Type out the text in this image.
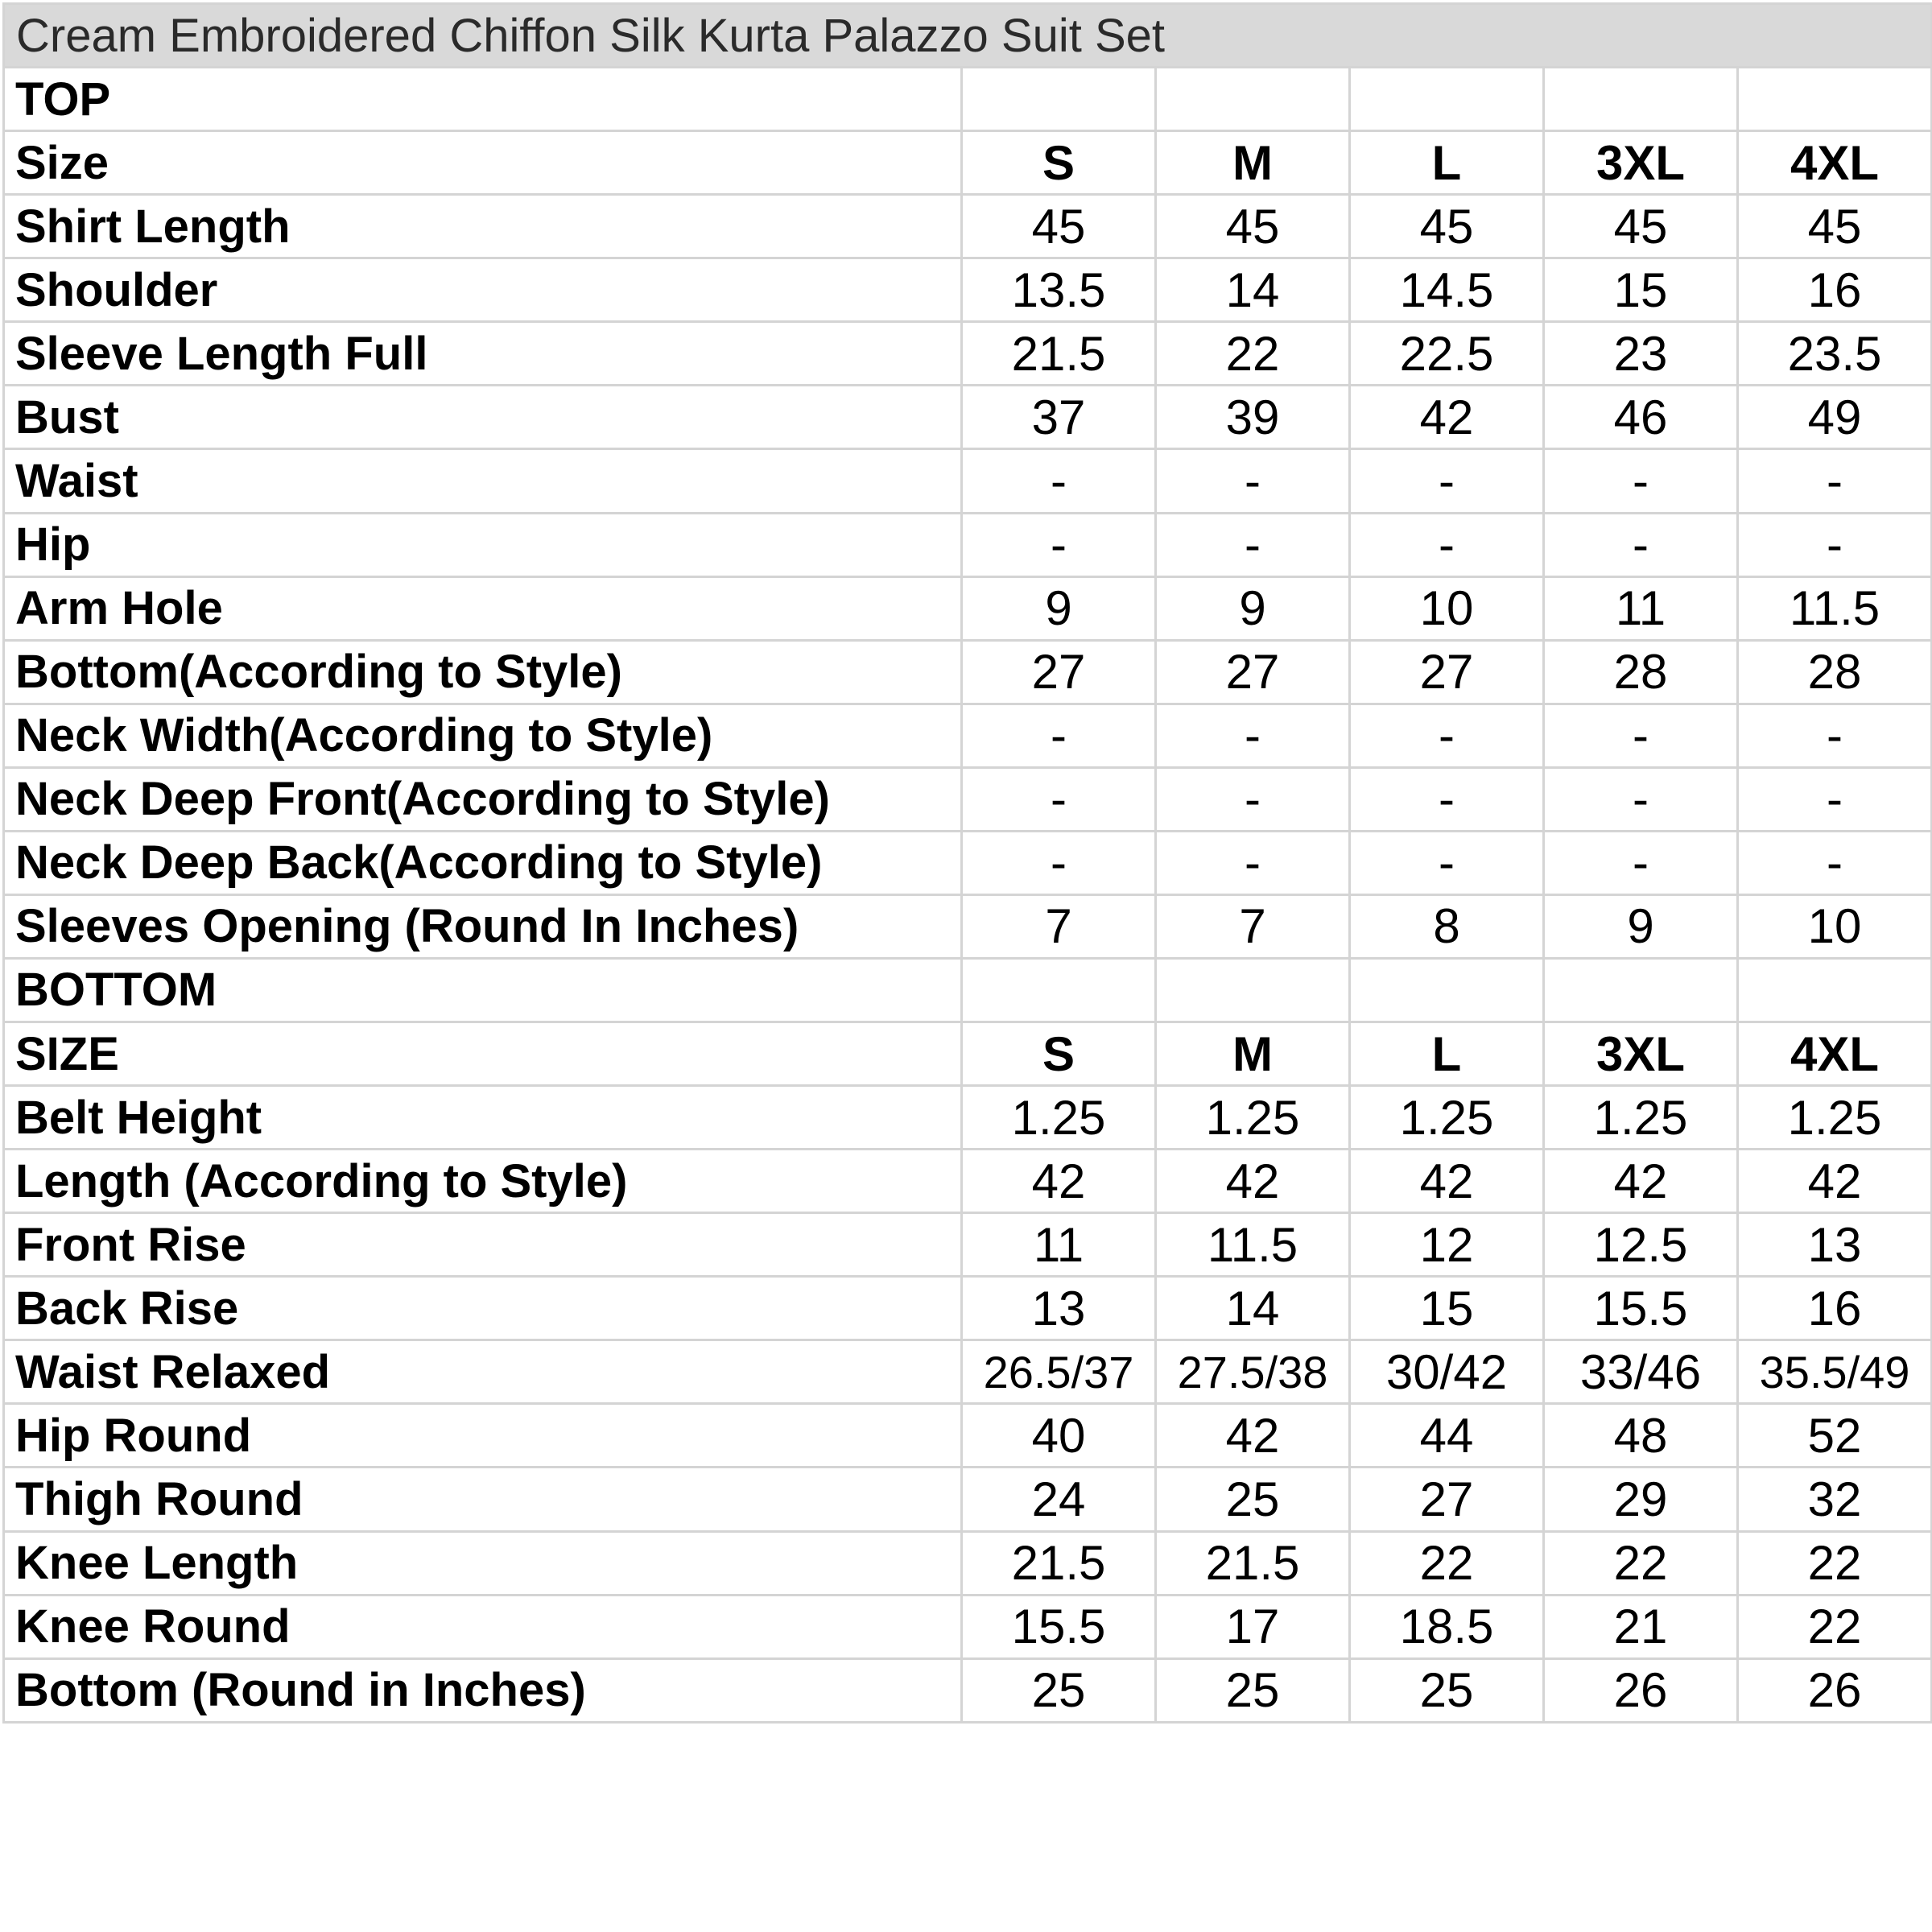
Cream Embroidered Chiffon Silk Kurta Palazzo Suit Set					
TOP					
Size	S	M	L	3XL	4XL
Shirt Length	45	45	45	45	45
Shoulder	13.5	14	14.5	15	16
Sleeve Length Full	21.5	22	22.5	23	23.5
Bust	37	39	42	46	49
Waist	-	-	-	-	-
Hip	-	-	-	-	-
Arm Hole	9	9	10	11	11.5
Bottom(According to Style)	27	27	27	28	28
Neck Width(According to Style)	-	-	-	-	-
Neck Deep Front(According to Style)	-	-	-	-	-
Neck Deep Back(According to Style)	-	-	-	-	-
Sleeves Opening (Round In Inches)	7	7	8	9	10
BOTTOM					
SIZE	S	M	L	3XL	4XL
Belt Height	1.25	1.25	1.25	1.25	1.25
Length (According to Style)	42	42	42	42	42
Front Rise	11	11.5	12	12.5	13
Back Rise	13	14	15	15.5	16
Waist Relaxed	26.5/37	27.5/38	30/42	33/46	35.5/49
Hip Round	40	42	44	48	52
Thigh Round	24	25	27	29	32
Knee Length	21.5	21.5	22	22	22
Knee Round	15.5	17	18.5	21	22
Bottom (Round in Inches)	25	25	25	26	26
